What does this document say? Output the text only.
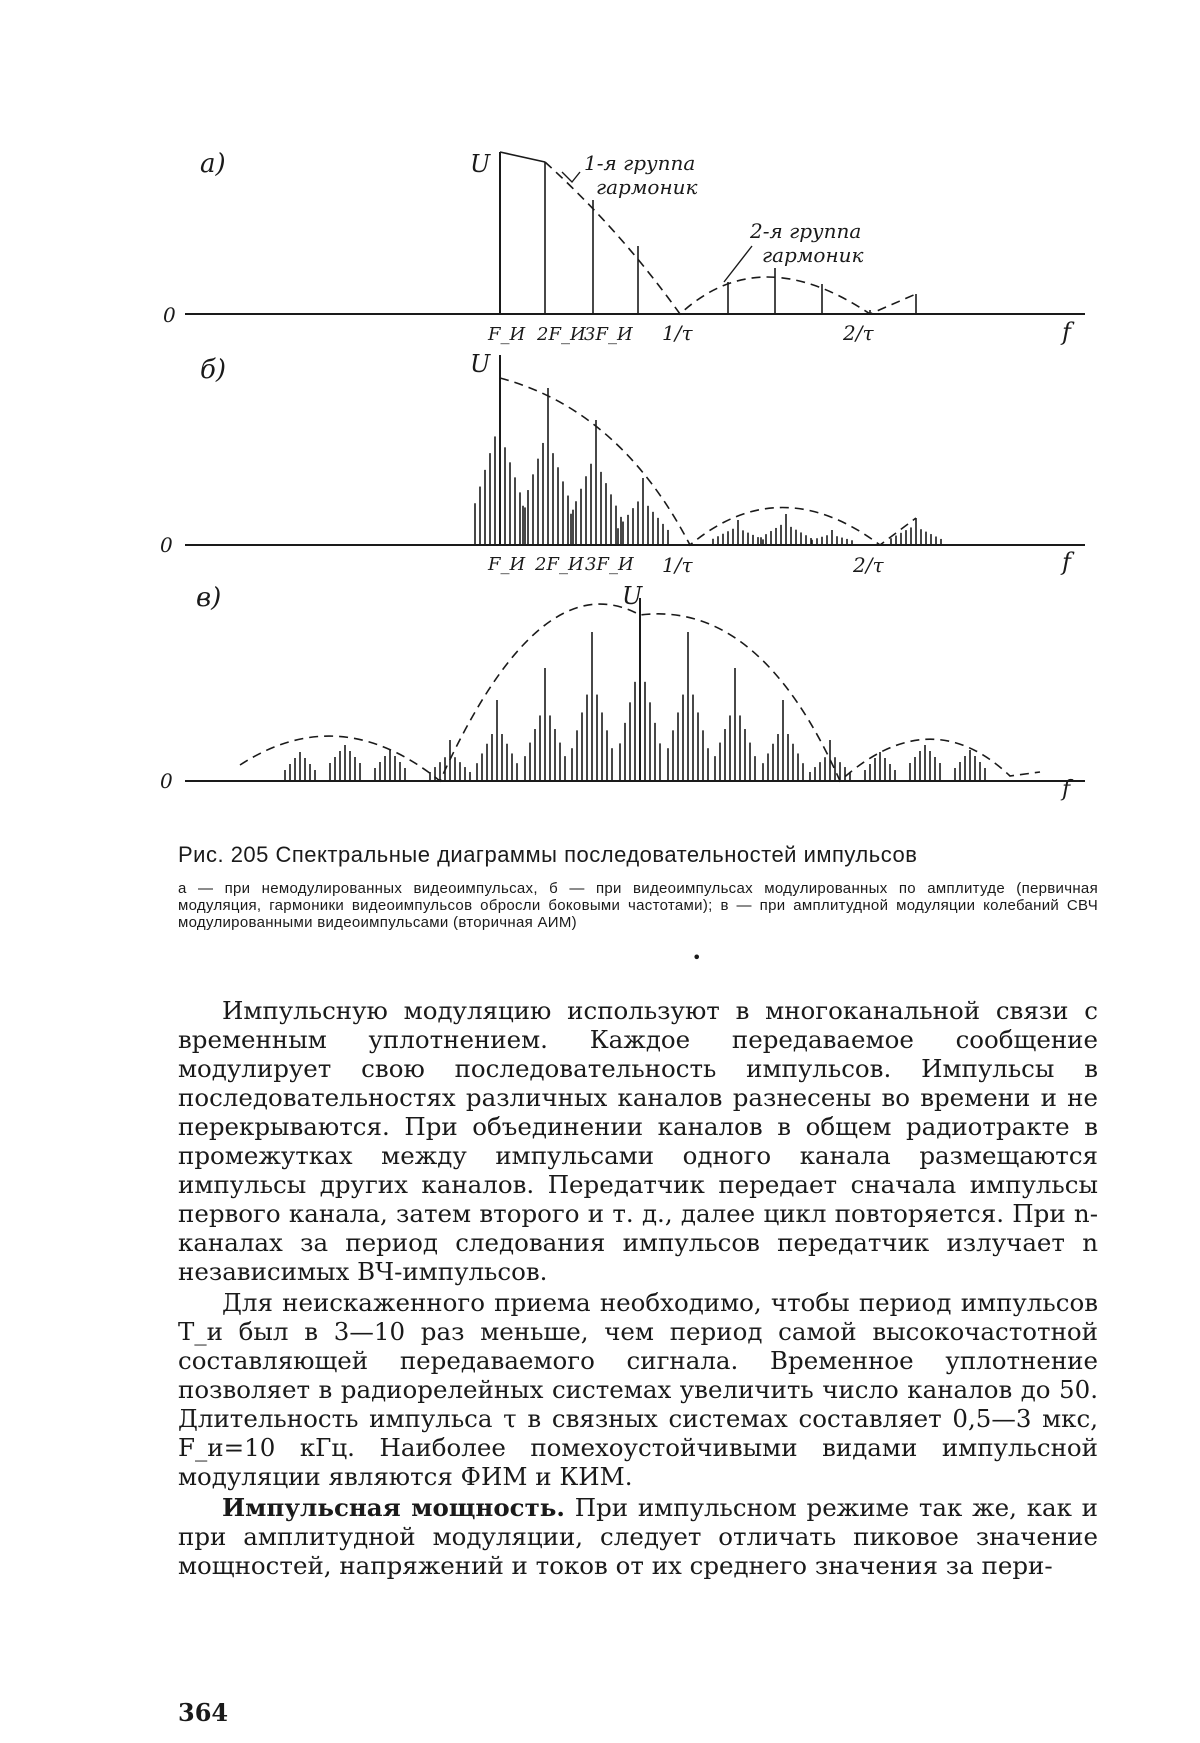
а)
0
U
f
F_И 2F_И
3F_И 1/τ	2/τ
1-я группа
гармоник
2-я группа
гармоник
б)
0
U
f
F_И 2F_И 3F_И 1/τ	2/τ
в)
0
U
f
Рис. 205 Спектральные диаграммы последовательностей импульсов
а — при немодулированных видеоимпульсах, б — при видеоимпульсах модулированных по амплитуде (первичная модуляция, гармоники видеоимпульсов обросли боковыми частотами); в — при амплитудной модуляции колебаний СВЧ модулированными видеоимпульсами (вторичная АИМ)
•

Импульсную модуляцию используют в многоканальной связи с временным уплотнением. Каждое передаваемое сообщение модулирует свою последовательность импульсов. Импульсы в последовательностях различных каналов разнесены во времени и не перекрываются. При объединении каналов в общем радиотракте в промежутках между импульсами одного канала размещаются импульсы других каналов. Передатчик передает сначала импульсы первого канала, затем второго и т. д., далее цикл повторяется. При n-каналах за период следования импульсов передатчик излучает n независимых ВЧ-импульсов.

Для неискаженного приема необходимо, чтобы период импульсов T_и был в 3—10 раз меньше, чем период самой высокочастотной составляющей передаваемого сигнала. Временное уплотнение позволяет в радиорелейных системах увеличить число каналов до 50. Длительность импульса τ в связных системах составляет 0,5—3 мкс, F_и=10 кГц. Наиболее помехоустойчивыми видами импульсной модуляции являются ФИМ и КИМ.

Импульсная мощность. При импульсном режиме так же, как и при амплитудной модуляции, следует отличать пиковое значение мощностей, напряжений и токов от их среднего значения за пери-

364
